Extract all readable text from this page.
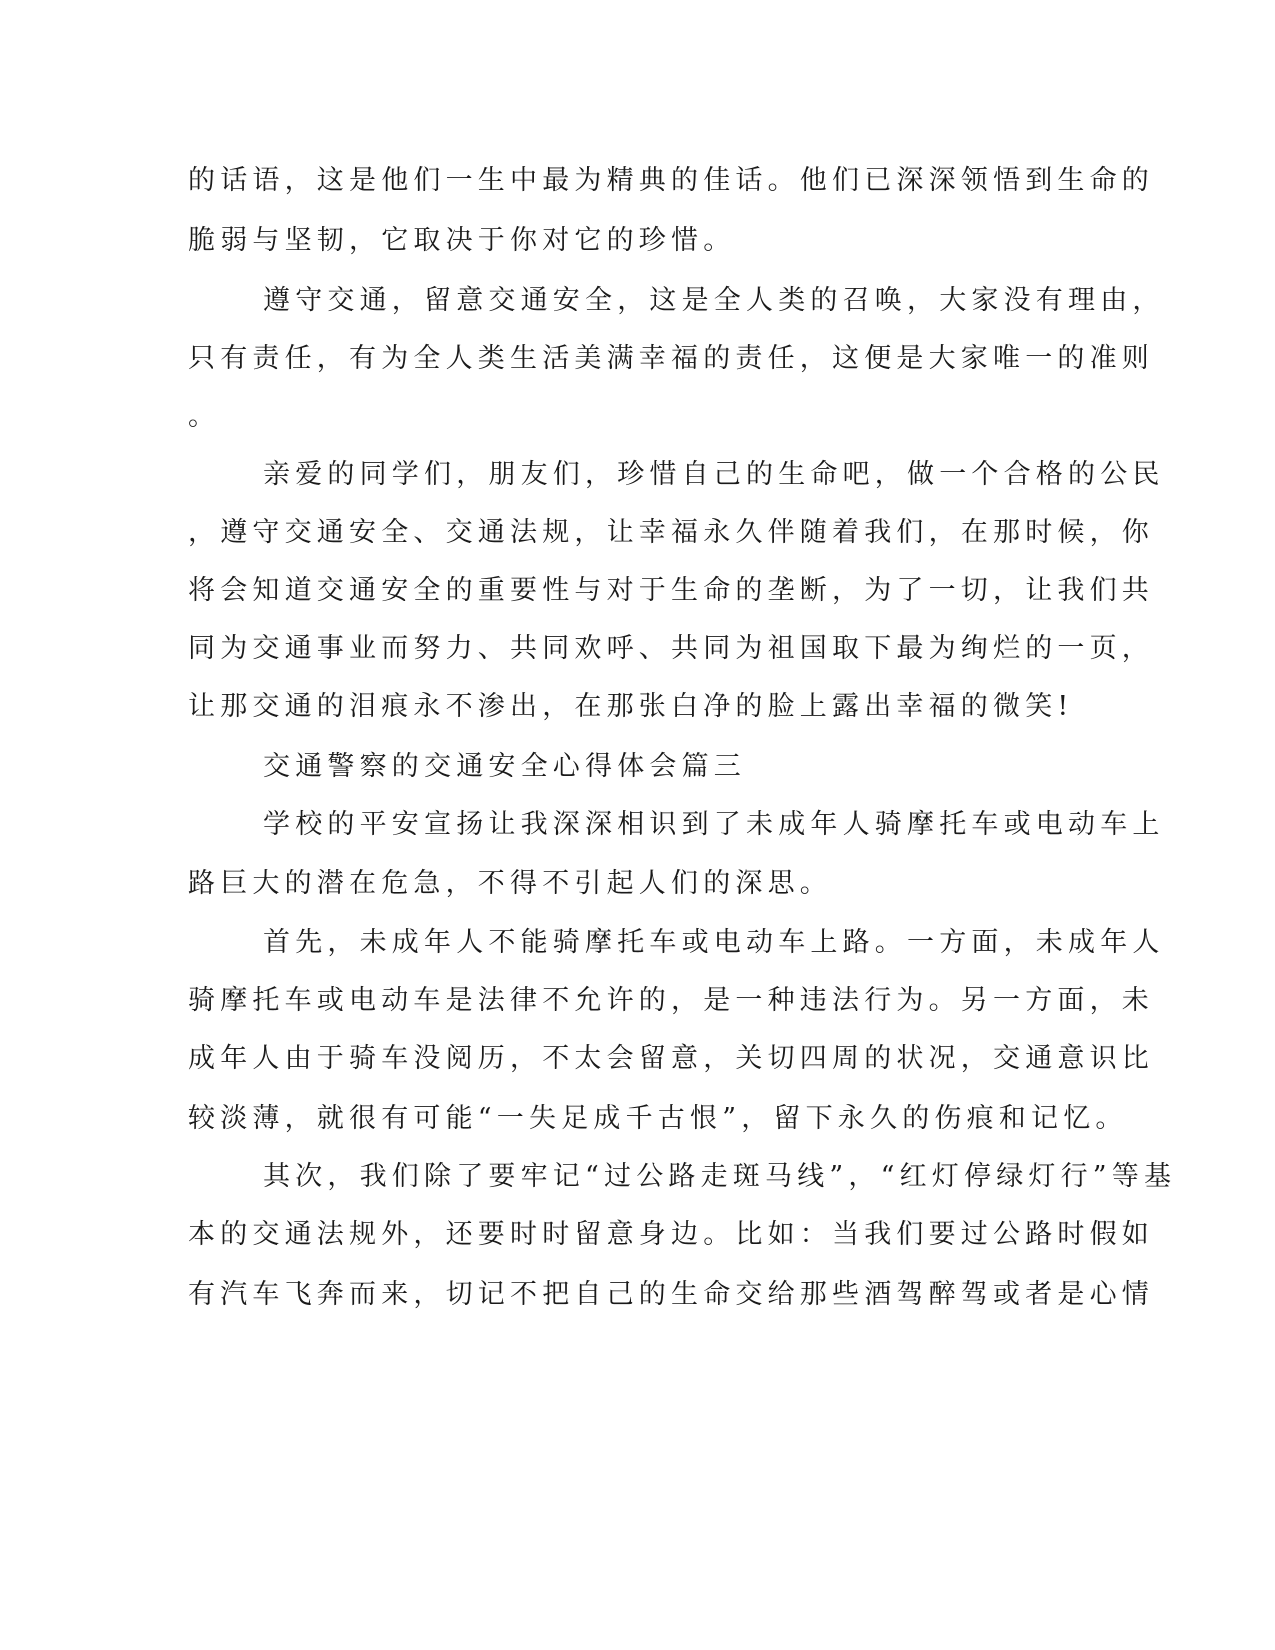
的话语，这是他们一生中最为精典的佳话。他们已深深领悟到生命的
脆弱与坚韧，它取决于你对它的珍惜。
遵守交通，留意交通安全，这是全人类的召唤，大家没有理由，
只有责任，有为全人类生活美满幸福的责任，这便是大家唯一的准则
。
亲爱的同学们，朋友们，珍惜自己的生命吧，做一个合格的公民
，遵守交通安全、交通法规，让幸福永久伴随着我们，在那时候，你
将会知道交通安全的重要性与对于生命的垄断，为了一切，让我们共
同为交通事业而努力、共同欢呼、共同为祖国取下最为绚烂的一页，
让那交通的泪痕永不渗出，在那张白净的脸上露出幸福的微笑!
交通警察的交通安全心得体会篇三
学校的平安宣扬让我深深相识到了未成年人骑摩托车或电动车上
路巨大的潜在危急，不得不引起人们的深思。
首先，未成年人不能骑摩托车或电动车上路。一方面，未成年人
骑摩托车或电动车是法律不允许的，是一种违法行为。另一方面，未
成年人由于骑车没阅历，不太会留意，关切四周的状况，交通意识比
较淡薄，就很有可能“一失足成千古恨”，留下永久的伤痕和记忆。
其次，我们除了要牢记“过公路走斑马线”，“红灯停绿灯行”等基
本的交通法规外，还要时时留意身边。比如：当我们要过公路时假如
有汽车飞奔而来，切记不把自己的生命交给那些酒驾醉驾或者是心情
